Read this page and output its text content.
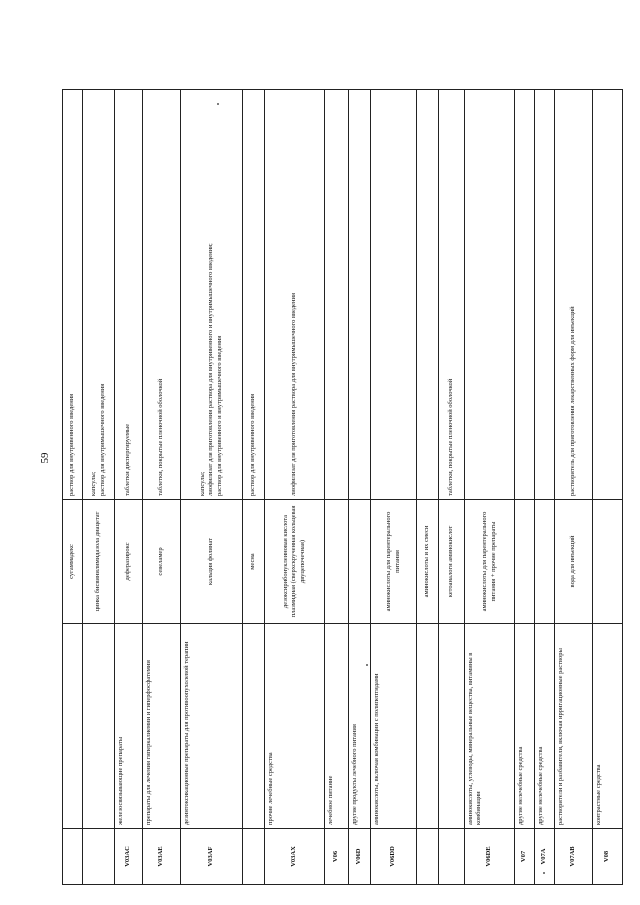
59
		сугаммадекс	раствор для внутривенного введения
		цинка бисвинилимидазола диацетат	капсулы;
раствор для внутримышечного введения
V03AC	железосвязывающие препараты	деферазирокс	таблетки диспергируемые
V03AE	препараты для лечения гиперкалиемии и гиперфосфатемии	севеламер	таблетки, покрытые пленочной оболочкой
V03AF	дезинтоксикационные препараты для противоопухолевой терапии	кальция фолинат	капсулы;
лиофилизат для приготовления раствора для внутривенного и внутримышечного введения;
раствор для внутривенного и внутримышечного введения
		месна	раствор для внутривенного введения
V03AX	прочие лечебные средства	дезоксирибонуклеиновая кислота плазмидная (сверхскрученная кольцевая двуцепочечная)	лиофилизат для приготовления раствора для внутримышечного введения
V06	лечебное питание		
V06D	другие продукты лечебного питания		
V06DD	аминокислоты, включая комбинации с полипептидами	аминокислоты для парентерального питания	
		аминокислоты и их смеси	
		кетоаналоги аминокислот	таблетки, покрытые пленочной оболочкой
V06DE	аминокислоты, углеводы, минеральные вещества, витамины в комбинации	аминокислоты для парентерального питания + прочие препараты	
V07	другие нелечебные средства		
V07A	другие нелечебные средства		
V07AB	растворители и разбавители, включая ирригационные растворы	вода для инъекций	растворитель для приготовления лекарственных форм для инъекций
V08	контрастные средства		
